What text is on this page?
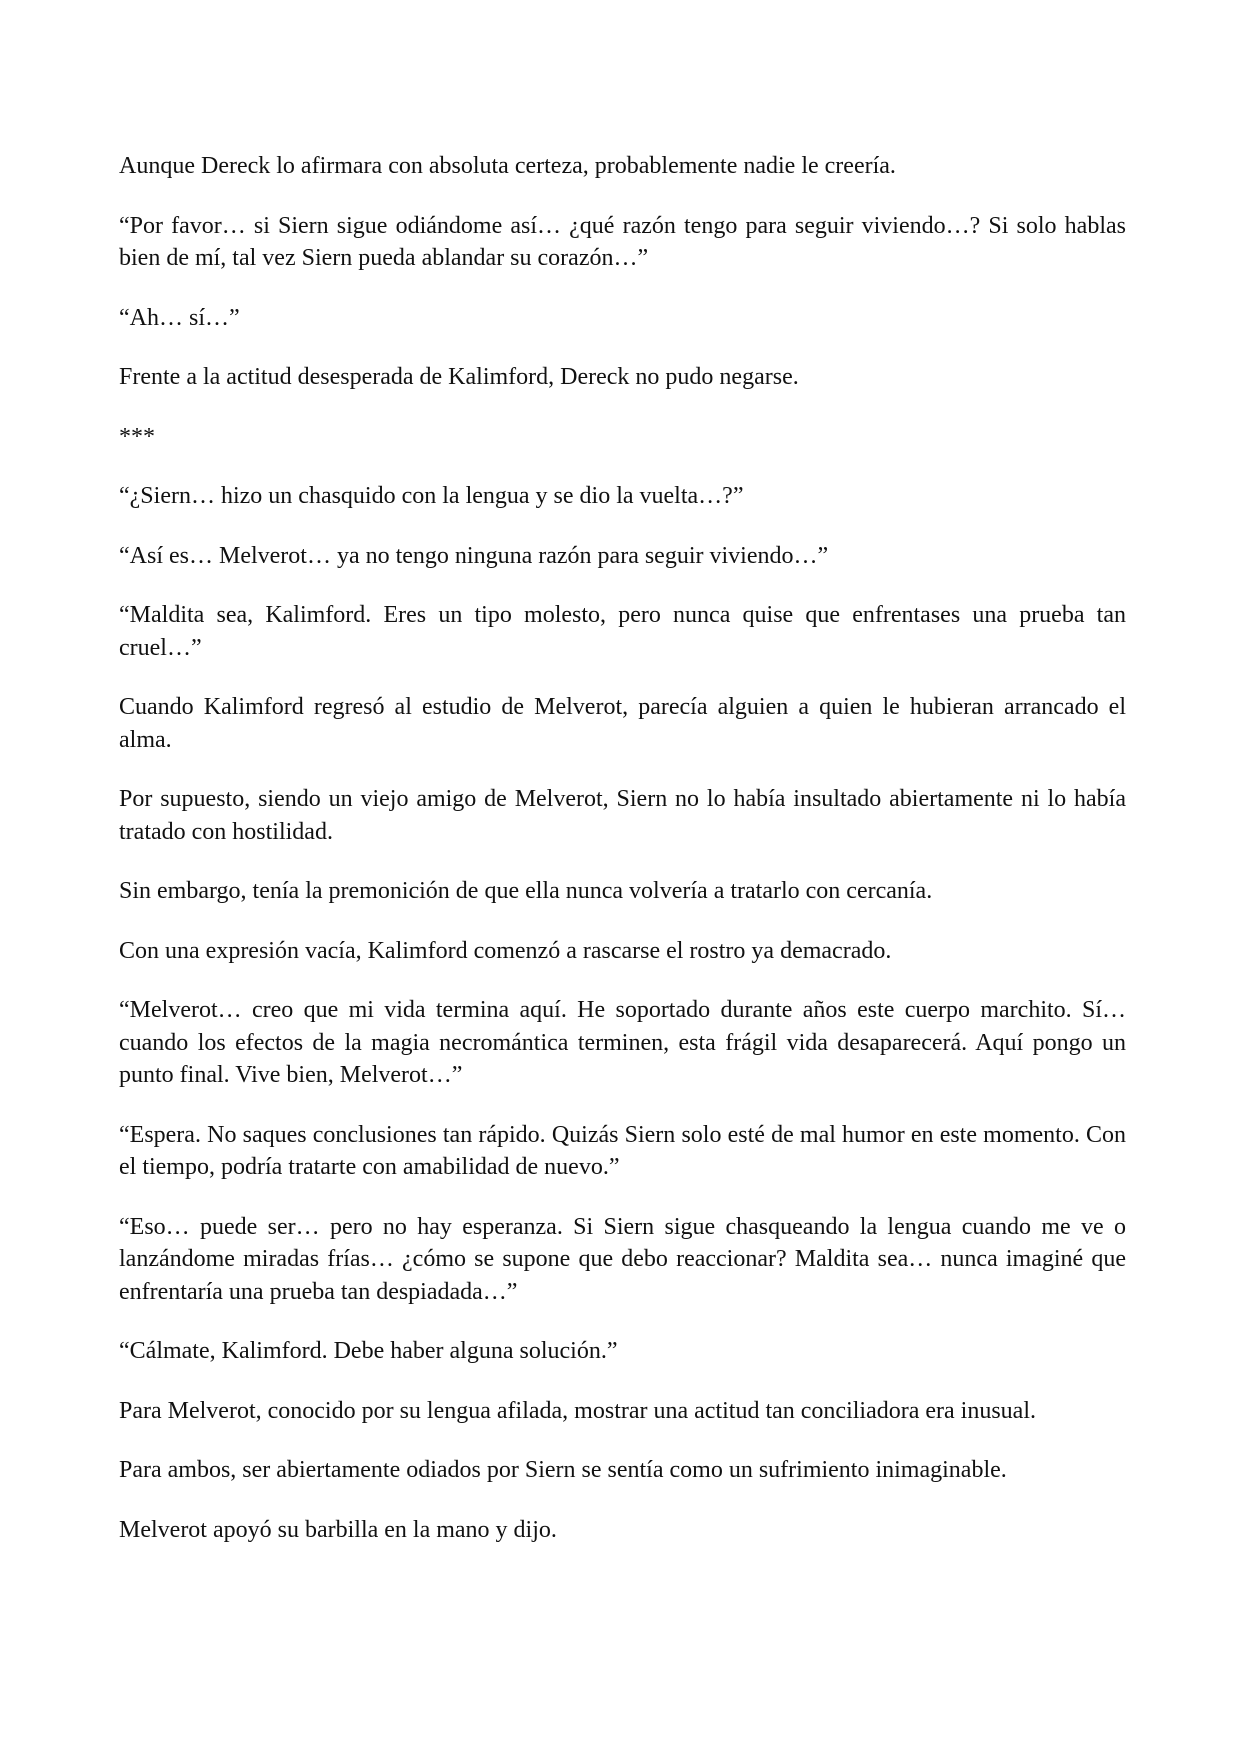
Aunque Dereck lo afirmara con absoluta certeza, probablemente nadie le creería.

“Por favor… si Siern sigue odiándome así… ¿qué razón tengo para seguir viviendo…? Si solo hablas bien de mí, tal vez Siern pueda ablandar su corazón…”

“Ah… sí…”

Frente a la actitud desesperada de Kalimford, Dereck no pudo negarse.

***

“¿Siern… hizo un chasquido con la lengua y se dio la vuelta…?”

“Así es… Melverot… ya no tengo ninguna razón para seguir viviendo…”

“Maldita sea, Kalimford. Eres un tipo molesto, pero nunca quise que enfrentases una prueba tan cruel…”

Cuando Kalimford regresó al estudio de Melverot, parecía alguien a quien le hubieran arrancado el alma.

Por supuesto, siendo un viejo amigo de Melverot, Siern no lo había insultado abiertamente ni lo había tratado con hostilidad.

Sin embargo, tenía la premonición de que ella nunca volvería a tratarlo con cercanía.

Con una expresión vacía, Kalimford comenzó a rascarse el rostro ya demacrado.

“Melverot… creo que mi vida termina aquí. He soportado durante años este cuerpo marchito. Sí… cuando los efectos de la magia necromántica terminen, esta frágil vida desaparecerá. Aquí pongo un punto final. Vive bien, Melverot…”

“Espera. No saques conclusiones tan rápido. Quizás Siern solo esté de mal humor en este momento. Con el tiempo, podría tratarte con amabilidad de nuevo.”

“Eso… puede ser… pero no hay esperanza. Si Siern sigue chasqueando la lengua cuando me ve o lanzándome miradas frías… ¿cómo se supone que debo reaccionar? Maldita sea… nunca imaginé que enfrentaría una prueba tan despiadada…”

“Cálmate, Kalimford. Debe haber alguna solución.”

Para Melverot, conocido por su lengua afilada, mostrar una actitud tan conciliadora era inusual.

Para ambos, ser abiertamente odiados por Siern se sentía como un sufrimiento inimaginable.

Melverot apoyó su barbilla en la mano y dijo.
